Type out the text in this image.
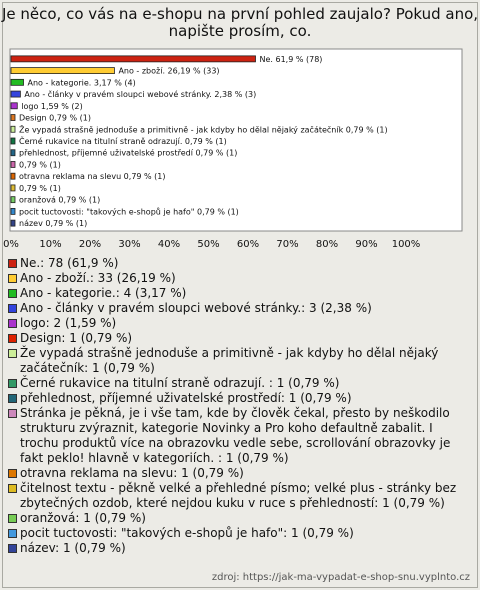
Je něco, co vás na e-shopu na první pohled zaujalo? Pokud ano, napište prosím, co.
Ne. 61,9 % (78)
Ano - zboží. 26,19 % (33)
Ano - kategorie. 3,17 % (4)
Ano - články v pravém sloupci webové stránky. 2,38 % (3)
logo 1,59 % (2)
Design 0,79 % (1)
Že vypadá strašně jednoduše a primitivně - jak kdyby ho dělal nějaký začátečník 0,79 % (1)
Černé rukavice na titulní straně odrazují. 0,79 % (1)
přehlednost, příjemné uživatelské prostředí 0,79 % (1)
0,79 % (1)
otravna reklama na slevu 0,79 % (1)
0,79 % (1)
oranžová 0,79 % (1)
pocit tuctovosti: "takových e-shopů je hafo" 0,79 % (1)
název 0,79 % (1)
0% 10% 20% 30% 40% 50% 60% 70% 80% 90% 100%
Ne.: 78 (61,9 %)
Ano - zboží.: 33 (26,19 %)
Ano - kategorie.: 4 (3,17 %)
Ano - články v pravém sloupci webové stránky.: 3 (2,38 %)
logo: 2 (1,59 %)
Design: 1 (0,79 %)
Že vypadá strašně jednoduše a primitivně - jak kdyby ho dělal nějaký začátečník: 1 (0,79 %)
Černé rukavice na titulní straně odrazují. : 1 (0,79 %)
přehlednost, příjemné uživatelské prostředí: 1 (0,79 %)
Stránka je pěkná, je i vše tam, kde by člověk čekal, přesto by neškodilo strukturu zvýraznit, kategorie Novinky a Pro koho defaultně zabalit. I trochu produktů více na obrazovku vedle sebe, scrollování obrazovky je fakt peklo! hlavně v kategoriích. : 1 (0,79 %)
otravna reklama na slevu: 1 (0,79 %)
čitelnost textu - pěkně velké a přehledné písmo; velké plus - stránky bez zbytečných ozdob, které nejdou kuku v ruce s přehledností: 1 (0,79 %)
oranžová: 1 (0,79 %)
pocit tuctovosti: "takových e-shopů je hafo": 1 (0,79 %)
název: 1 (0,79 %)
zdroj: https://jak-ma-vypadat-e-shop-snu.vyplnto.cz
